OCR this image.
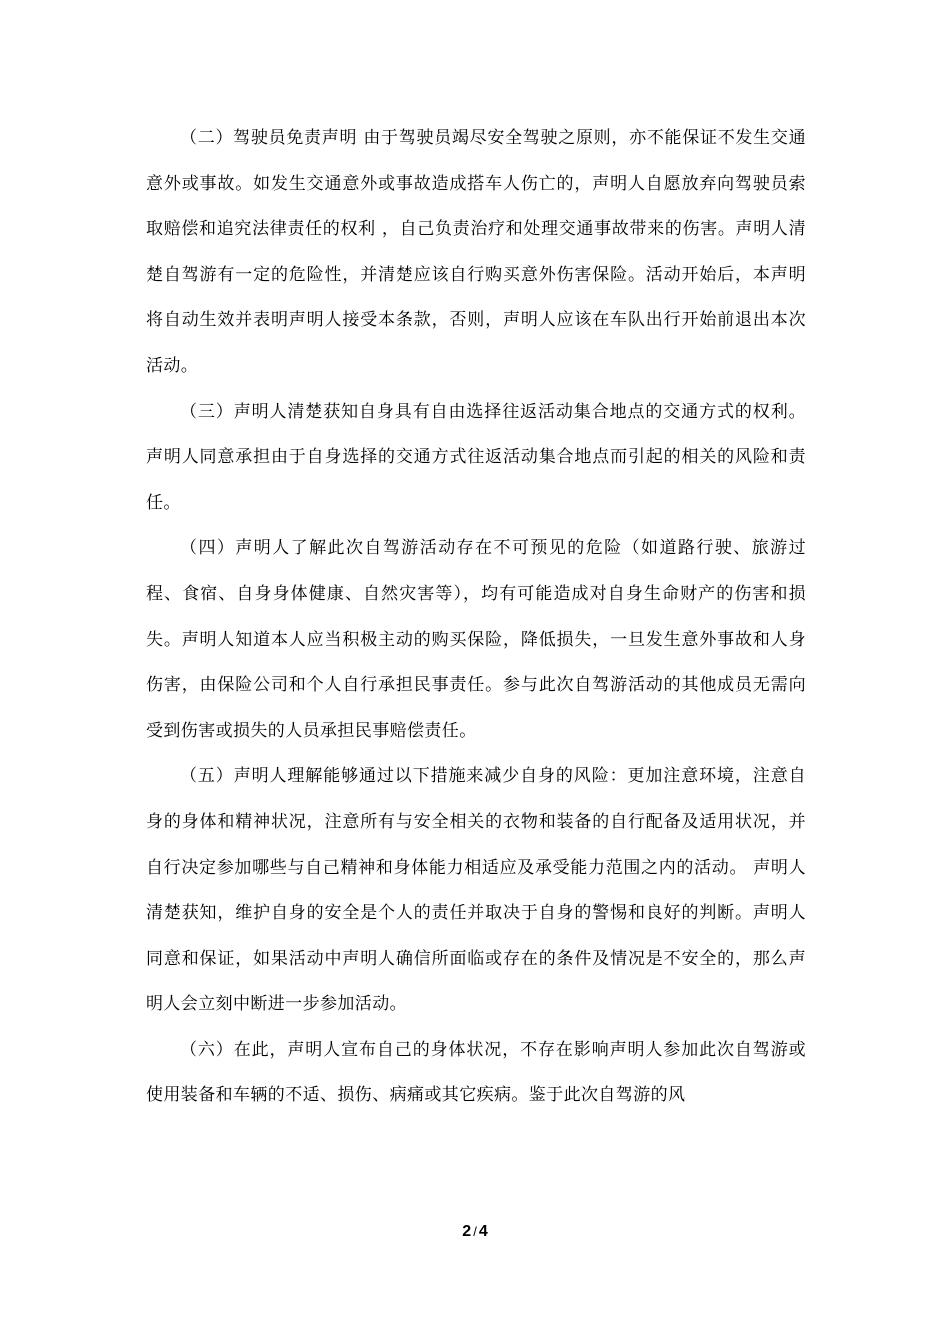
（二）驾驶员免责声明 由于驾驶员竭尽安全驾驶之原则，亦不能保证不发生交通意外或事故。如发生交通意外或事故造成搭车人伤亡的，声明人自愿放弃向驾驶员索取赔偿和追究法律责任的权利 ，自己负责治疗和处理交通事故带来的伤害。声明人清楚自驾游有一定的危险性，并清楚应该自行购买意外伤害保险。活动开始后，本声明将自动生效并表明声明人接受本条款，否则，声明人应该在车队出行开始前退出本次活动。

（三）声明人清楚获知自身具有自由选择往返活动集合地点的交通方式的权利。声明人同意承担由于自身选择的交通方式往返活动集合地点而引起的相关的风险和责任。

（四）声明人了解此次自驾游活动存在不可预见的危险（如道路行驶、旅游过程、食宿、自身身体健康、自然灾害等），均有可能造成对自身生命财产的伤害和损失。声明人知道本人应当积极主动的购买保险，降低损失，一旦发生意外事故和人身伤害，由保险公司和个人自行承担民事责任。参与此次自驾游活动的其他成员无需向受到伤害或损失的人员承担民事赔偿责任。

（五）声明人理解能够通过以下措施来减少自身的风险：更加注意环境，注意自身的身体和精神状况，注意所有与安全相关的衣物和装备的自行配备及适用状况，并自行决定参加哪些与自己精神和身体能力相适应及承受能力范围之内的活动。 声明人清楚获知，维护自身的安全是个人的责任并取决于自身的警惕和良好的判断。声明人同意和保证，如果活动中声明人确信所面临或存在的条件及情况是不安全的，那么声明人会立刻中断进一步参加活动。

（六）在此，声明人宣布自己的身体状况，不存在影响声明人参加此次自驾游或使用装备和车辆的不适、损伤、病痛或其它疾病。鉴于此次自驾游的风

2 / 4
